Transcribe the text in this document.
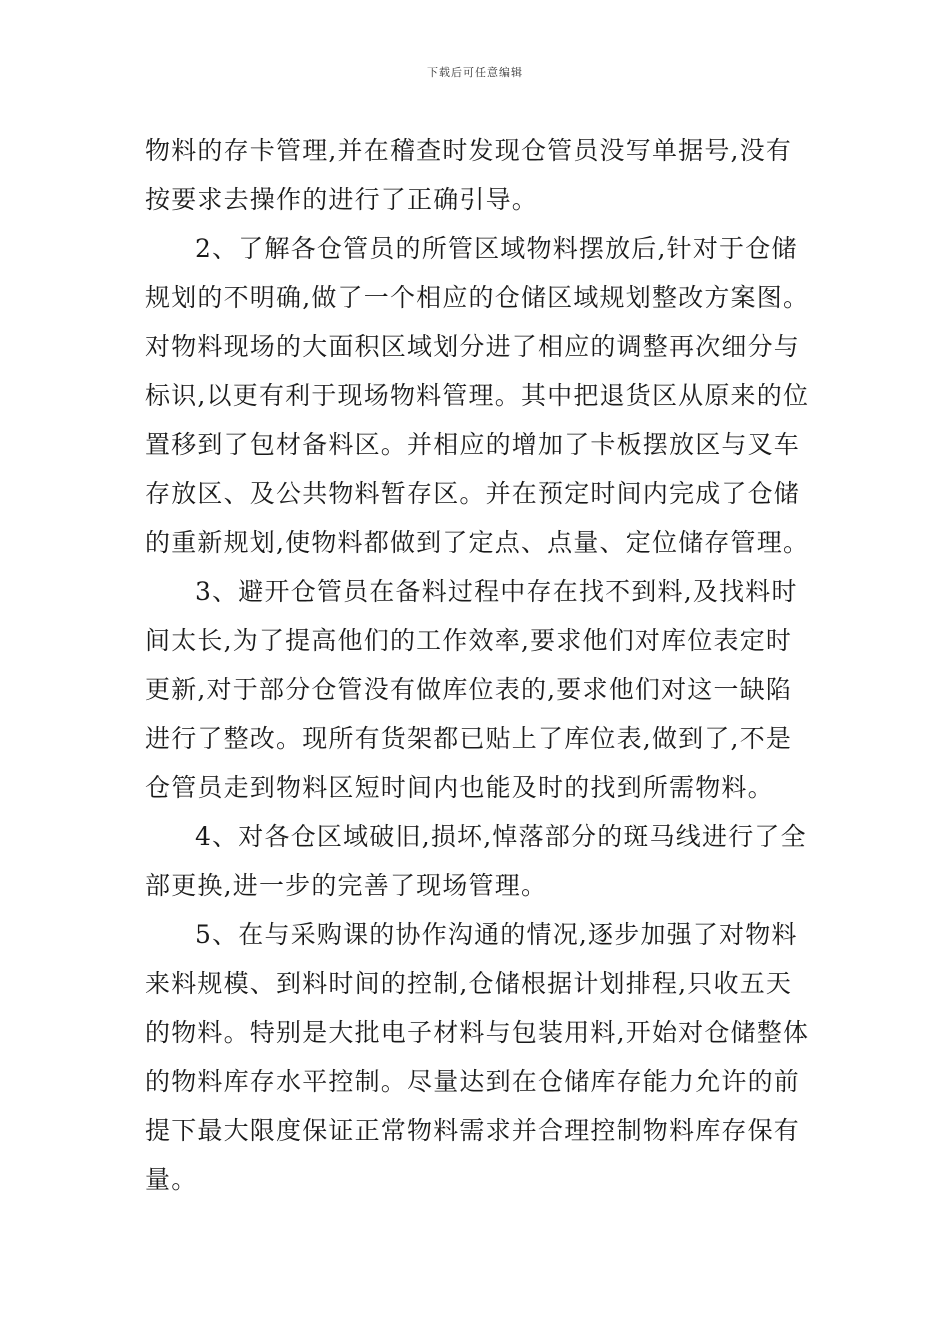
下载后可任意编辑
物料的存卡管理,并在稽查时发现仓管员没写单据号,没有
按要求去操作的进行了正确引导。
2、了解各仓管员的所管区域物料摆放后,针对于仓储
规划的不明确,做了一个相应的仓储区域规划整改方案图。
对物料现场的大面积区域划分进了相应的调整再次细分与
标识,以更有利于现场物料管理。其中把退货区从原来的位
置移到了包材备料区。并相应的增加了卡板摆放区与叉车
存放区、及公共物料暂存区。并在预定时间内完成了仓储
的重新规划,使物料都做到了定点、点量、定位储存管理。
3、避开仓管员在备料过程中存在找不到料,及找料时
间太长,为了提高他们的工作效率,要求他们对库位表定时
更新,对于部分仓管没有做库位表的,要求他们对这一缺陷
进行了整改。现所有货架都已贴上了库位表,做到了,不是
仓管员走到物料区短时间内也能及时的找到所需物料。
4、对各仓区域破旧,损坏,悼落部分的斑马线进行了全
部更换,进一步的完善了现场管理。
5、在与采购课的协作沟通的情况,逐步加强了对物料
来料规模、到料时间的控制,仓储根据计划排程,只收五天
的物料。特别是大批电子材料与包装用料,开始对仓储整体
的物料库存水平控制。尽量达到在仓储库存能力允许的前
提下最大限度保证正常物料需求并合理控制物料库存保有
量。
